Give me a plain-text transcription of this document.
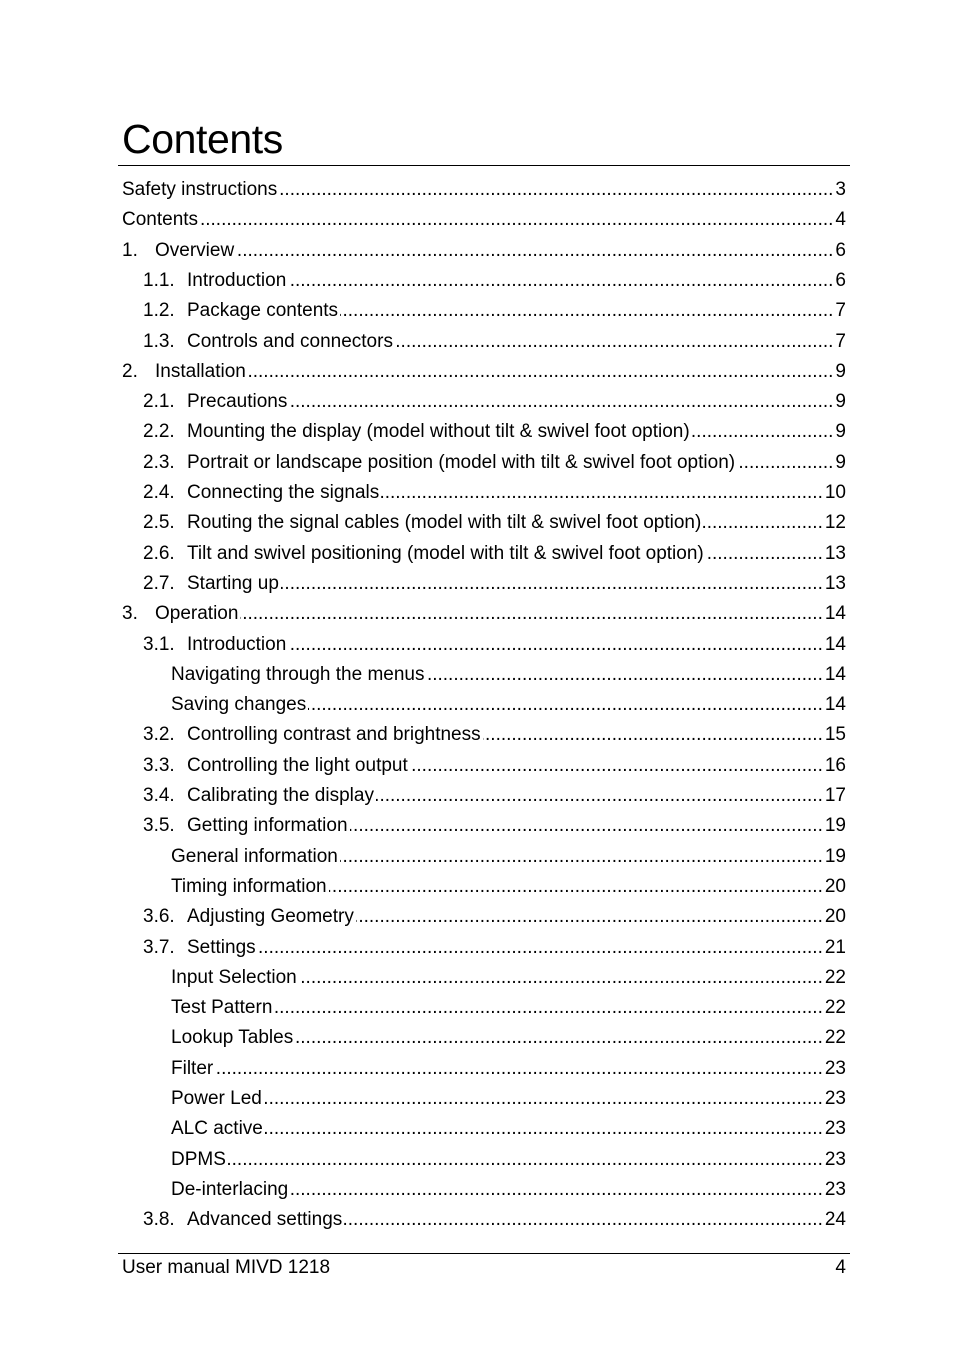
Contents
Safety instructions .....	3
Contents .....	4
1. Overview .....	6
1.1. Introduction .....	6
1.2. Package contents .....	7
1.3. Controls and connectors .....	7
2. Installation .....	9
2.1. Precautions .....	9
2.2. Mounting the display (model without tilt & swivel foot option) .....	9
2.3. Portrait or landscape position (model with tilt & swivel foot option) .....	9
2.4. Connecting the signals .....	10
2.5. Routing the signal cables (model with tilt & swivel foot option) .....	12
2.6. Tilt and swivel positioning (model with tilt & swivel foot option) .....	13
2.7. Starting up .....	13
3. Operation .....	14
3.1. Introduction .....	14
Navigating through the menus .....	14
Saving changes .....	14
3.2. Controlling contrast and brightness .....	15
3.3. Controlling the light output .....	16
3.4. Calibrating the display .....	17
3.5. Getting information .....	19
General information .....	19
Timing information .....	20
3.6. Adjusting Geometry .....	20
3.7. Settings .....	21
Input Selection .....	22
Test Pattern .....	22
Lookup Tables .....	22
Filter .....	23
Power Led .....	23
ALC active .....	23
DPMS .....	23
De-interlacing .....	23
3.8. Advanced settings .....	24
User manual MIVD 1218	4
